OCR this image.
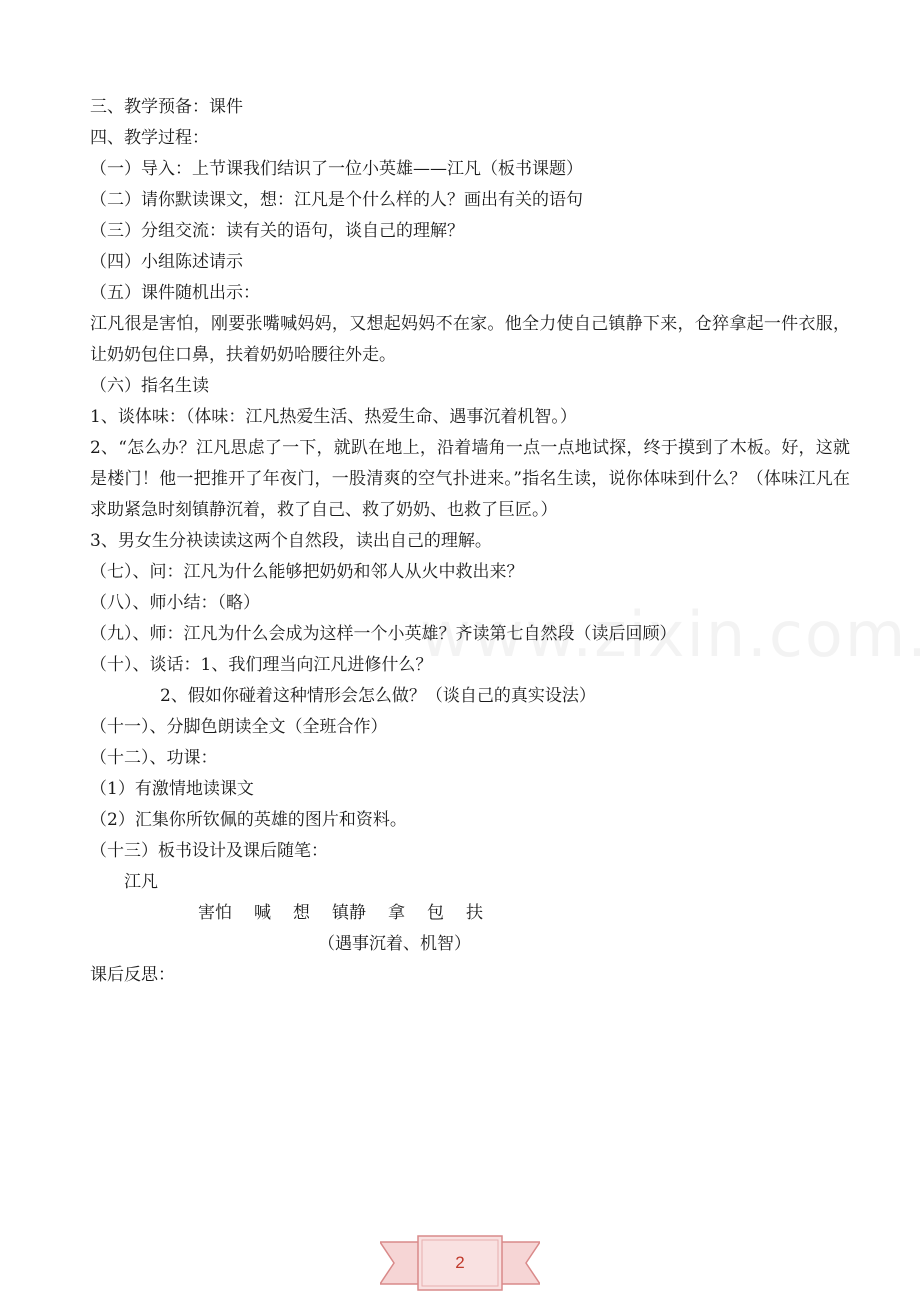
三、教学预备：课件
四、教学过程：
（一）导入：上节课我们结识了一位小英雄——江凡（板书课题）
（二）请你默读课文，想：江凡是个什么样的人？画出有关的语句
（三）分组交流：读有关的语句，谈自己的理解？
（四）小组陈述请示
（五）课件随机出示：
江凡很是害怕，刚要张嘴喊妈妈，又想起妈妈不在家。他全力使自己镇静下来，仓猝拿起一件衣服，让奶奶包住口鼻，扶着奶奶哈腰往外走。
（六）指名生读
1、谈体味：（体味：江凡热爱生活、热爱生命、遇事沉着机智。）
2、“怎么办？江凡思虑了一下，就趴在地上，沿着墙角一点一点地试探，终于摸到了木板。好，这就是楼门！他一把推开了年夜门，一股清爽的空气扑进来。”指名生读，说你体味到什么？（体味江凡在求助紧急时刻镇静沉着，救了自己、救了奶奶、也救了巨匠。）
3、男女生分袂读读这两个自然段，读出自己的理解。
（七）、问：江凡为什么能够把奶奶和邻人从火中救出来？
（八）、师小结：（略）
（九）、师：江凡为什么会成为这样一个小英雄？齐读第七自然段（读后回顾）
（十）、谈话：1、我们理当向江凡进修什么？
2、假如你碰着这种情形会怎么做？（谈自己的真实设法）
（十一）、分脚色朗读全文（全班合作）
（十二）、功课：
（1）有激情地读课文
（2）汇集你所钦佩的英雄的图片和资料。
（十三）板书设计及课后随笔：
江凡
害怕 喊 想 镇静 拿 包 扶
（遇事沉着、机智）
课后反思：
2
